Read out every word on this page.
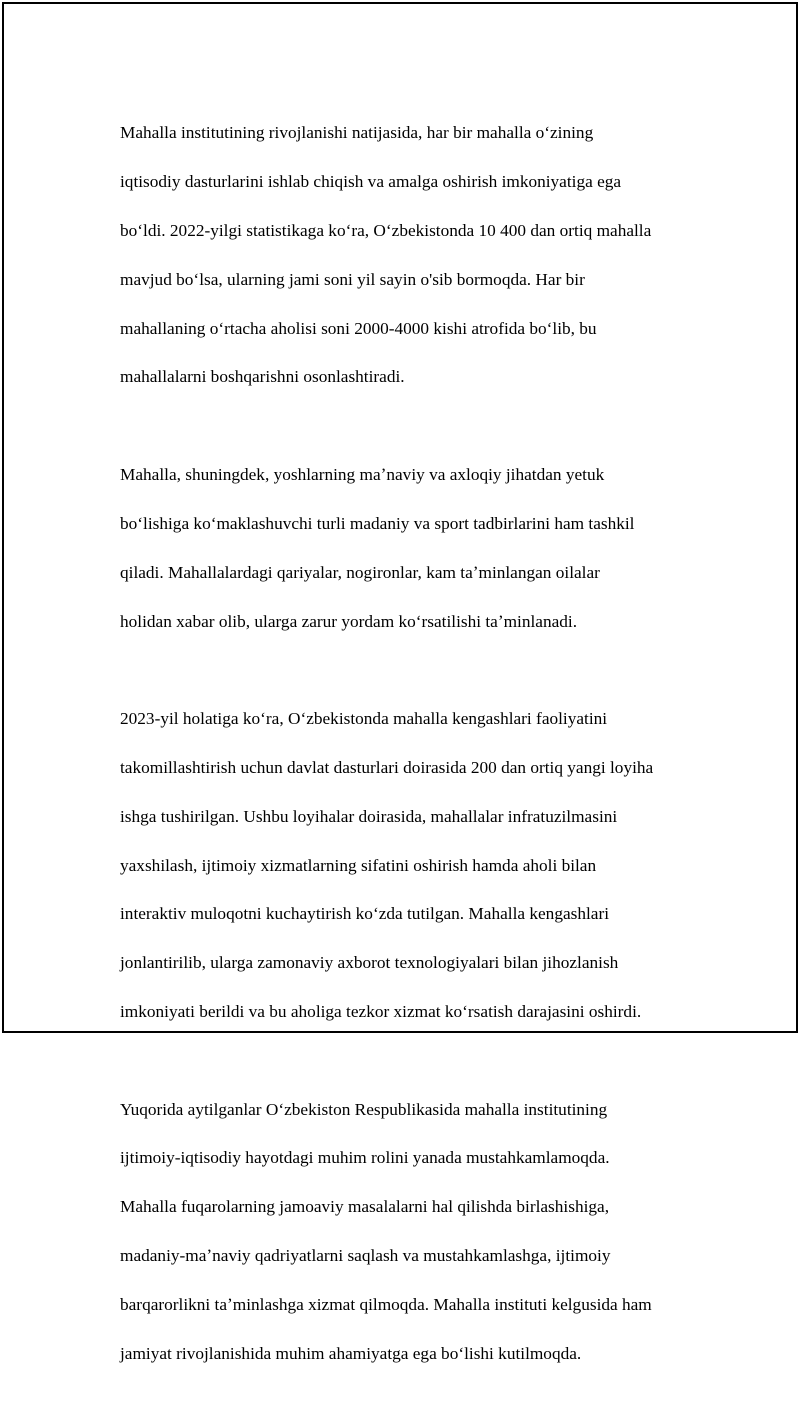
Mahalla institutining rivojlanishi natijasida, har bir mahalla oʻzining

iqtisodiy dasturlarini ishlab chiqish va amalga oshirish imkoniyatiga ega

boʻldi. 2022-yilgi statistikaga koʻra, Oʻzbekistonda 10 400 dan ortiq mahalla

mavjud boʻlsa, ularning jami soni yil sayin o'sib bormoqda. Har bir

mahallaning oʻrtacha aholisi soni 2000-4000 kishi atrofida boʻlib, bu

mahallalarni boshqarishni osonlashtiradi.

Mahalla, shuningdek, yoshlarning maʼnaviy va axloqiy jihatdan yetuk

boʻlishiga koʻmaklashuvchi turli madaniy va sport tadbirlarini ham tashkil

qiladi. Mahallalardagi qariyalar, nogironlar, kam taʼminlangan oilalar

holidan xabar olib, ularga zarur yordam koʻrsatilishi taʼminlanadi.

2023-yil holatiga koʻra, Oʻzbekistonda mahalla kengashlari faoliyatini

takomillashtirish uchun davlat dasturlari doirasida 200 dan ortiq yangi loyiha

ishga tushirilgan. Ushbu loyihalar doirasida, mahallalar infratuzilmasini

yaxshilash, ijtimoiy xizmatlarning sifatini oshirish hamda aholi bilan

interaktiv muloqotni kuchaytirish koʻzda tutilgan. Mahalla kengashlari

jonlantirilib, ularga zamonaviy axborot texnologiyalari bilan jihozlanish

imkoniyati berildi va bu aholiga tezkor xizmat koʻrsatish darajasini oshirdi.

Yuqorida aytilganlar Oʻzbekiston Respublikasida mahalla institutining

ijtimoiy-iqtisodiy hayotdagi muhim rolini yanada mustahkamlamoqda.

Mahalla fuqarolarning jamoaviy masalalarni hal qilishda birlashishiga,

madaniy-maʼnaviy qadriyatlarni saqlash va mustahkamlashga, ijtimoiy

barqarorlikni taʼminlashga xizmat qilmoqda. Mahalla instituti kelgusida ham

jamiyat rivojlanishida muhim ahamiyatga ega boʻlishi kutilmoqda.
